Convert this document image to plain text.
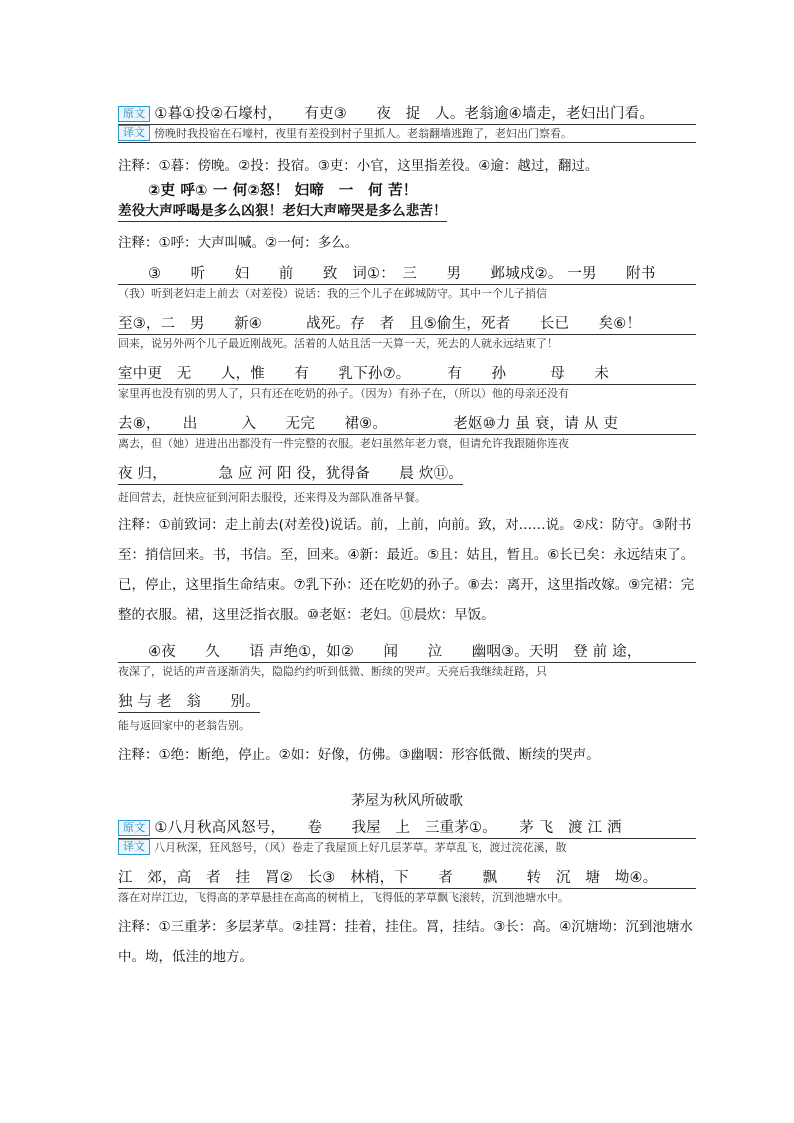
原文 ①暮①投②石壕村，　　有吏③　　夜　捉　人。老翁逾④墙走，老妇出门看。
译文 傍晚时我投宿在石壕村，夜里有差役到村子里抓人。老翁翻墙逃跑了，老妇出门察看。
注释：①暮：傍晚。②投：投宿。③吏：小官，这里指差役。④逾：越过，翻过。
②吏 呼① 一 何②怒！ 妇啼　一　何 苦！
差役大声呼喝是多么凶狠！老妇大声啼哭是多么悲苦！
注释：①呼：大声叫喊。②一何：多么。
③　　听　　妇　　前　　致　词①：　三　　男　　邺城戍②。 一男　　附书
（我）听到老妇走上前去（对差役）说话：我的三个儿子在邺城防守。其中一个儿子捎信
至③，二　男　　新④　　　战死。存　者　且⑤偷生，死者　　长已　　矣⑥！
回来，说另外两个儿子最近刚战死。活着的人姑且活一天算一天，死去的人就永远结束了！
室中更　无　　人，惟　　有　　乳下孙⑦。　　　有　　孙　　　母　　未
家里再也没有别的男人了，只有还在吃奶的孙子。（因为）有孙子在，（所以）他的母亲还没有
去⑧，　　出　　　入　　无完　　裙⑨。　　　　　老妪⑩力 虽 衰，请 从 吏
离去，但（她）进进出出都没有一件完整的衣服。老妇虽然年老力衰，但请允许我跟随你连夜
夜 归，　　　　急 应 河 阳 役，犹得备　　晨 炊⑪。
赶回营去，赶快应征到河阳去服役，还来得及为部队准备早餐。
注释：①前致词：走上前去(对差役)说话。前，上前，向前。致，对……说。②戍：防守。③附书至：捎信回来。书，书信。至，回来。④新：最近。⑤且：姑且，暂且。⑥长已矣：永远结束了。已，停止，这里指生命结束。⑦乳下孙：还在吃奶的孙子。⑧去：离开，这里指改嫁。⑨完裙：完整的衣服。裙，这里泛指衣服。⑩老妪：老妇。⑪晨炊：早饭。
④夜　　久　　语 声绝①，如②　　闻　　泣　　幽咽③。天明　登 前 途，
夜深了，说话的声音逐渐消失，隐隐约约听到低微、断续的哭声。天亮后我继续赶路，只
独 与 老　翁　　别。
能与返回家中的老翁告别。
注释：①绝：断绝，停止。②如：好像，仿佛。③幽咽：形容低微、断续的哭声。
茅屋为秋风所破歌
原文 ①八月秋高风怒号，　　卷　　我屋　上　三重茅①。　　茅 飞　渡 江 洒
译文 八月秋深，狂风怒号，（风）卷走了我屋顶上好几层茅草。茅草乱飞，渡过浣花溪，散
江　郊，高　者　挂　罥②　长③　林梢，下　　者　　飘　　转　沉　塘　坳④。
落在对岸江边，飞得高的茅草悬挂在高高的树梢上，飞得低的茅草飘飞滚转，沉到池塘水中。
注释：①三重茅：多层茅草。②挂罥：挂着，挂住。罥，挂结。③长：高。④沉塘坳：沉到池塘水中。坳，低洼的地方。
